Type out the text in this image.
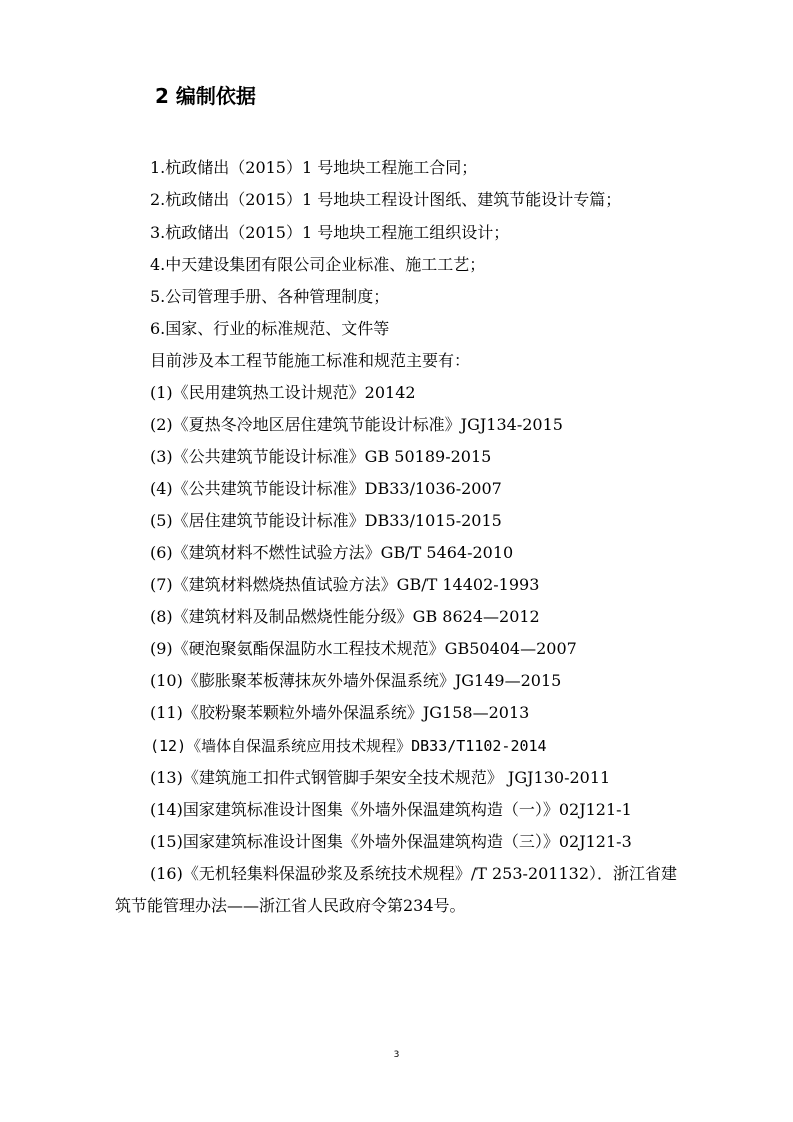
2 编制依据
1.杭政储出（2015）1 号地块工程施工合同；
2.杭政储出（2015）1 号地块工程设计图纸、建筑节能设计专篇；
3.杭政储出（2015）1 号地块工程施工组织设计；
4.中天建设集团有限公司企业标准、施工工艺；
5.公司管理手册、各种管理制度；
6.国家、行业的标准规范、文件等
目前涉及本工程节能施工标准和规范主要有：
(1)《民用建筑热工设计规范》20142
(2)《夏热冬冷地区居住建筑节能设计标准》JGJ134-2015
(3)《公共建筑节能设计标准》GB 50189-2015
(4)《公共建筑节能设计标准》DB33/1036-2007
(5)《居住建筑节能设计标准》DB33/1015-2015
(6)《建筑材料不燃性试验方法》GB/T 5464-2010
(7)《建筑材料燃烧热值试验方法》GB/T 14402-1993
(8)《建筑材料及制品燃烧性能分级》GB 8624—2012
(9)《硬泡聚氨酯保温防水工程技术规范》GB50404—2007
(10)《膨胀聚苯板薄抹灰外墙外保温系统》JG149—2015
(11)《胶粉聚苯颗粒外墙外保温系统》JG158—2013
(12)《墙体自保温系统应用技术规程》DB33/T1102-2014
(13)《建筑施工扣件式钢管脚手架安全技术规范》 JGJ130-2011
(14)国家建筑标准设计图集《外墙外保温建筑构造（一）》02J121-1
(15)国家建筑标准设计图集《外墙外保温建筑构造（三）》02J121-3
(16)《无机轻集料保温砂浆及系统技术规程》/T 253-201132）．浙江省建
筑节能管理办法——浙江省人民政府令第234号。
3
